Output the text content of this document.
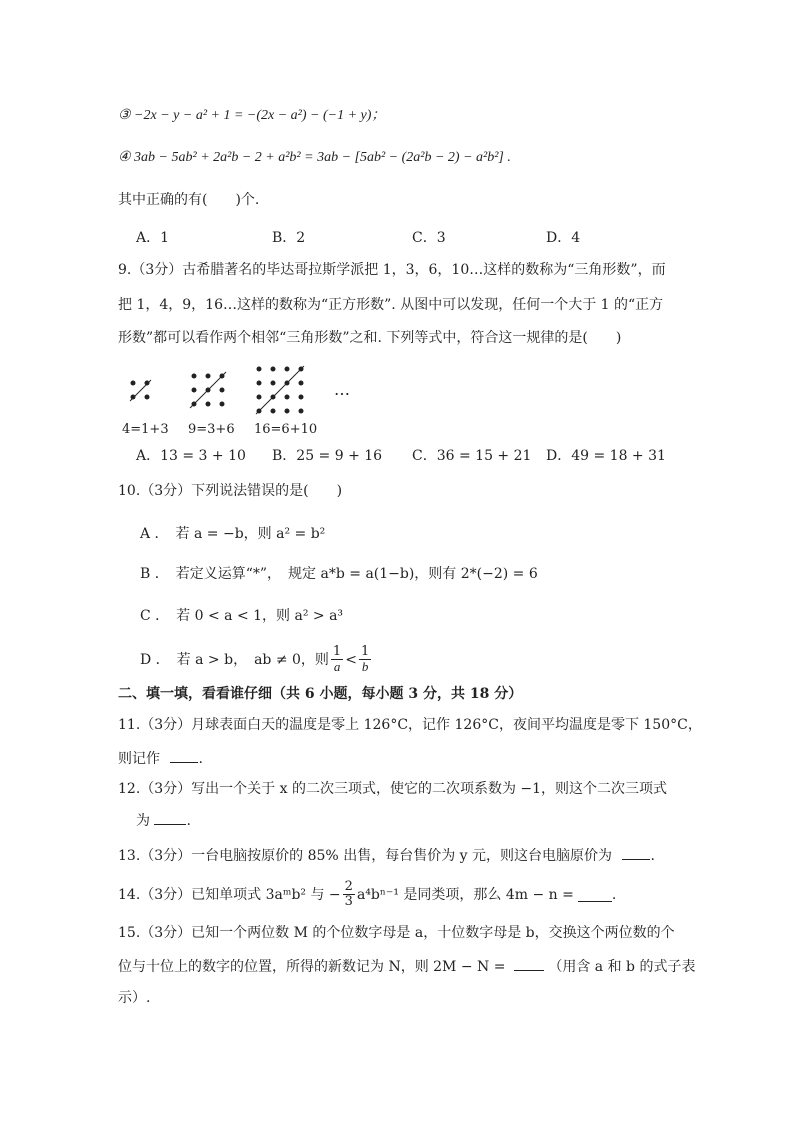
③ −2x − y − a² + 1 = −(2x − a²) − (−1 + y)；
④ 3ab − 5ab² + 2a²b − 2 + a²b² = 3ab − [5ab² − (2a²b − 2) − a²b²] .
其中正确的有(　　)个.
A．1	B．2	C．3	D．4
9.（3分）古希腊著名的毕达哥拉斯学派把 1，3，6，10…这样的数称为“三角形数”，而
把 1，4，9，16…这样的数称为“正方形数”. 从图中可以发现，任何一个大于 1 的“正方
形数”都可以看作两个相邻“三角形数”之和. 下列等式中，符合这一规律的是(　　)
…
4=1+3 9=3+6 16=6+10
A．13 = 3 + 10 B．25 = 9 + 16 C．36 = 15 + 21 D．49 = 18 + 31
10.（3分）下列说法错误的是(　　)
A ．　若 a = −b，则 a² = b²
B ．　若定义运算“*”，　规定 a*b = a(1−b)，则有 2*(−2) = 6
C ．　若 0 < a < 1，则 a² > a³
D ．　若 a > b，　ab ≠ 0，则 $\frac{1}{a} < \frac{1}{b}$
二、填一填，看看谁仔细（共 6 小题，每小题 3 分，共 18 分）
11.（3分）月球表面白天的温度是零上 126°C，记作 126°C，夜间平均温度是零下 150°C，
则记作	.
12.（3分）写出一个关于 x 的二次三项式，使它的二次项系数为 −1，则这个二次三项式
为	.
13.（3分）一台电脑按原价的 85% 出售，每台售价为 y 元，则这台电脑原价为	.
14.（3分）已知单项式 3aᵐb² 与 − $\frac{2}{3} a^4b^{n-1}$ 是同类项，那么 4m − n =	.
15.（3分）已知一个两位数 M 的个位数字母是 a，十位数字母是 b，交换这个两位数的个
位与十位上的数字的位置，所得的新数记为 N，则 2M − N =	（用含 a 和 b 的式子表
示）.
